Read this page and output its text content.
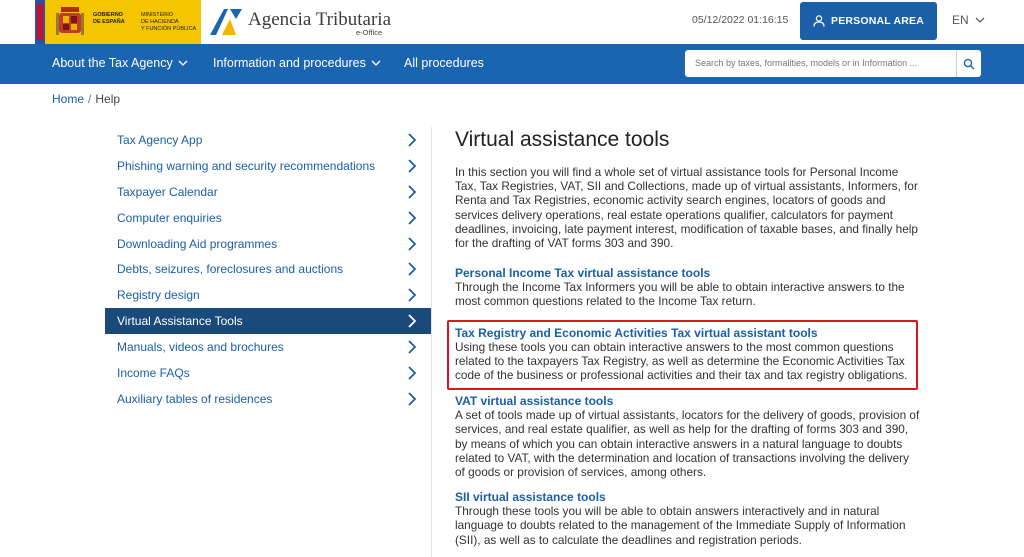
GOBIERNO
DE ESPAÑA
MINISTERIO
DE HACIENDA
Y FUNCIÓN PÚBLICA	Agencia Tributaria
e-Office
05/12/2022 01:16:15	PERSONAL AREA EN
About the Tax Agency	Information and procedures	All procedures	Search by taxes, formalities, models or in Information ...
Home / Help
Tax Agency App
Phishing warning and security recommendations
Taxpayer Calendar
Computer enquiries
Downloading Aid programmes
Debts, seizures, foreclosures and auctions
Registry design
Virtual Assistance Tools
Manuals, videos and brochures
Income FAQs
Auxiliary tables of residences
Virtual assistance tools

In this section you will find a whole set of virtual assistance tools for Personal Income Tax, Tax Registries, VAT, SII and Collections, made up of virtual assistants, Informers, for Renta and Tax Registries, economic activity search engines, locators of goods and services delivery operations, real estate operations qualifier, calculators for payment deadlines, invoicing, late payment interest, modification of taxable bases, and finally help for the drafting of VAT forms 303 and 390.

Personal Income Tax virtual assistance tools
Through the Income Tax Informers you will be able to obtain interactive answers to the most common questions related to the Income Tax return.
Tax Registry and Economic Activities Tax virtual assistant tools
Using these tools you can obtain interactive answers to the most common questions related to the taxpayers Tax Registry, as well as determine the Economic Activities Tax code of the business or professional activities and their tax and tax registry obligations.
VAT virtual assistance tools
A set of tools made up of virtual assistants, locators for the delivery of goods, provision of services, and real estate qualifier, as well as help for the drafting of forms 303 and 390, by means of which you can obtain interactive answers in a natural language to doubts related to VAT, with the determination and location of transactions involving the delivery of goods or provision of services, among others.
SII virtual assistance tools
Through these tools you will be able to obtain answers interactively and in natural language to doubts related to the management of the Immediate Supply of Information (SII), as well as to calculate the deadlines and registration periods.
